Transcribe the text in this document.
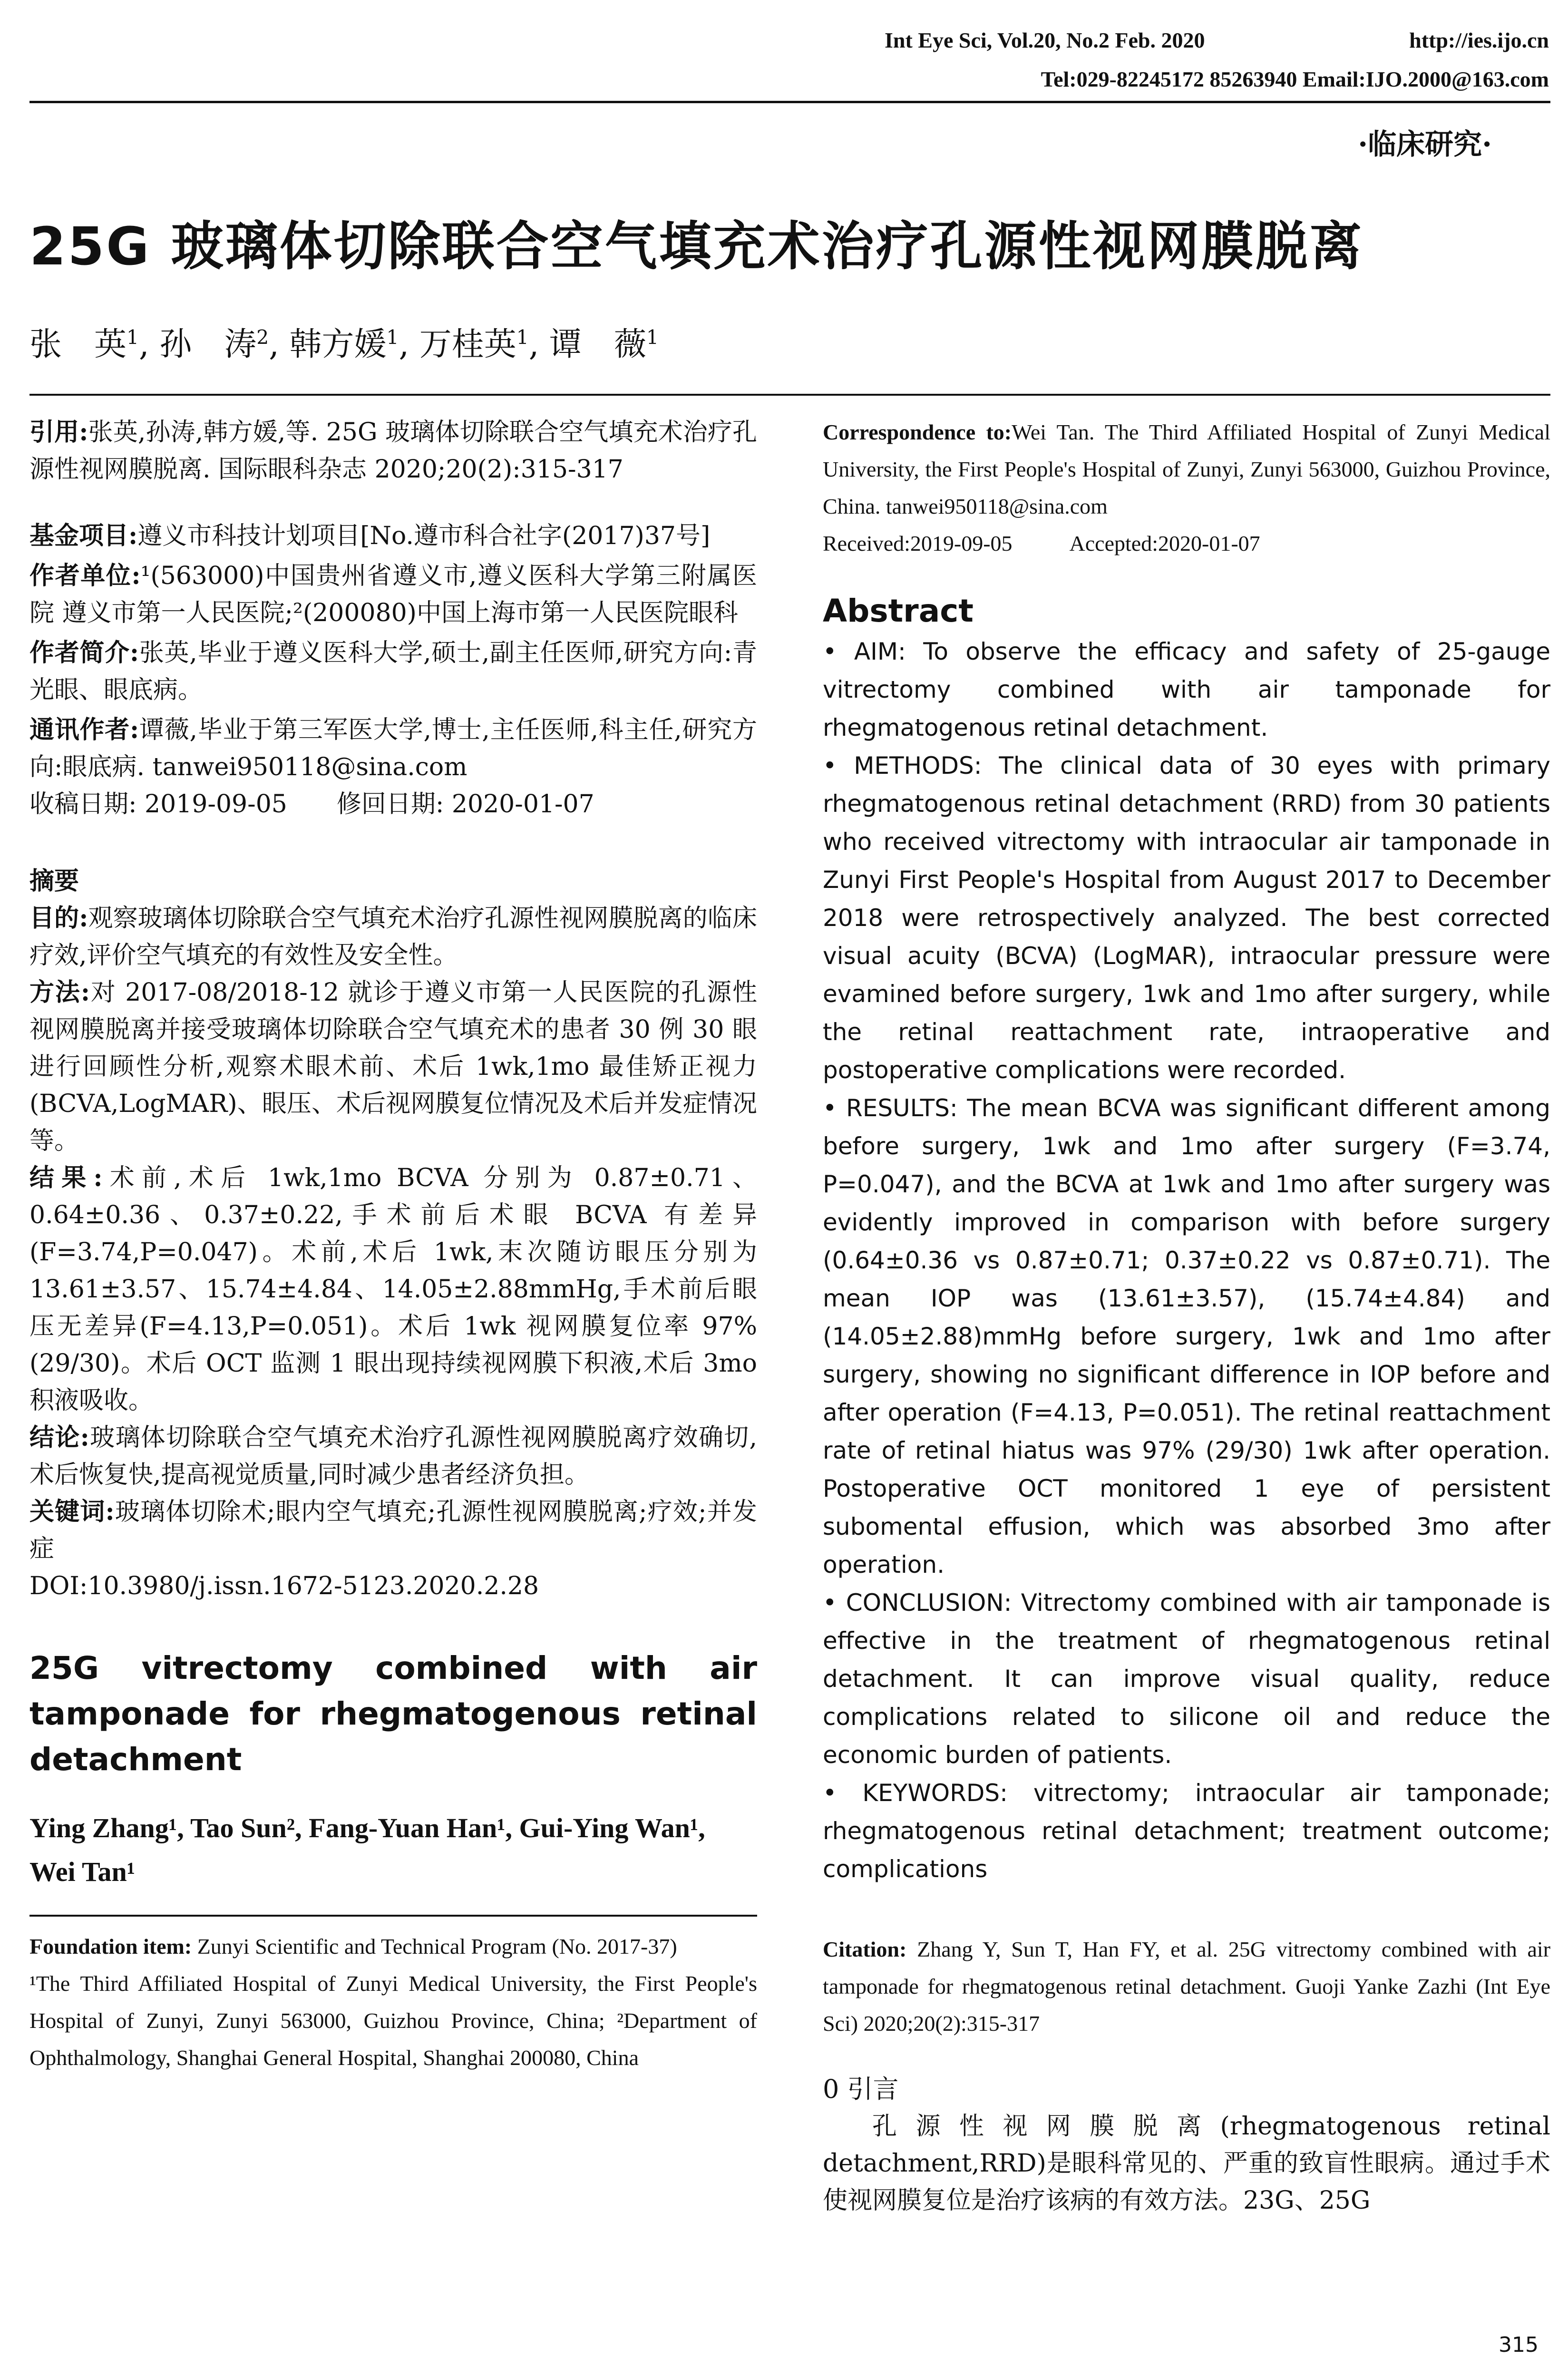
Int Eye Sci, Vol.20, No.2 Feb. 2020	http://ies.ijo.cn
Tel:029-82245172 85263940 Email:IJO.2000@163.com
·临床研究·
25G 玻璃体切除联合空气填充术治疗孔源性视网膜脱离
张　英$^1$, 孙　涛$^2$, 韩方媛$^1$, 万桂英$^1$, 谭　薇$^1$

引用:张英,孙涛,韩方媛,等. 25G 玻璃体切除联合空气填充术治疗孔源性视网膜脱离. 国际眼科杂志 2020;20(2):315-317

基金项目:遵义市科技计划项目[No.遵市科合社字(2017)37号]

作者单位:¹(563000)中国贵州省遵义市,遵义医科大学第三附属医院 遵义市第一人民医院;²(200080)中国上海市第一人民医院眼科

作者简介:张英,毕业于遵义医科大学,硕士,副主任医师,研究方向:青光眼、眼底病。

通讯作者:谭薇,毕业于第三军医大学,博士,主任医师,科主任,研究方向:眼底病. tanwei950118@sina.com

收稿日期: 2019-09-05　　修回日期: 2020-01-07

摘要

目的:观察玻璃体切除联合空气填充术治疗孔源性视网膜脱离的临床疗效,评价空气填充的有效性及安全性。

方法:对 2017-08/2018-12 就诊于遵义市第一人民医院的孔源性视网膜脱离并接受玻璃体切除联合空气填充术的患者 30 例 30 眼进行回顾性分析,观察术眼术前、术后 1wk,1mo 最佳矫正视力(BCVA,LogMAR)、眼压、术后视网膜复位情况及术后并发症情况等。

结果:术前,术后 1wk,1mo BCVA 分别为 0.87±0.71、0.64±0.36、0.37±0.22,手术前后术眼 BCVA 有差异(F=3.74,P=0.047)。术前,术后 1wk,末次随访眼压分别为 13.61±3.57、15.74±4.84、14.05±2.88mmHg,手术前后眼压无差异(F=4.13,P=0.051)。术后 1wk 视网膜复位率 97%(29/30)。术后 OCT 监测 1 眼出现持续视网膜下积液,术后 3mo 积液吸收。

结论:玻璃体切除联合空气填充术治疗孔源性视网膜脱离疗效确切,术后恢复快,提高视觉质量,同时减少患者经济负担。

关键词:玻璃体切除术;眼内空气填充;孔源性视网膜脱离;疗效;并发症

DOI:10.3980/j.issn.1672-5123.2020.2.28

25G vitrectomy combined with air tamponade for rhegmatogenous retinal detachment

Ying Zhang¹, Tao Sun², Fang-Yuan Han¹, Gui-Ying Wan¹, Wei Tan¹

Foundation item: Zunyi Scientific and Technical Program (No. 2017-37)

¹The Third Affiliated Hospital of Zunyi Medical University, the First People's Hospital of Zunyi, Zunyi 563000, Guizhou Province, China; ²Department of Ophthalmology, Shanghai General Hospital, Shanghai 200080, China

Correspondence to:Wei Tan. The Third Affiliated Hospital of Zunyi Medical University, the First People's Hospital of Zunyi, Zunyi 563000, Guizhou Province, China. tanwei950118@sina.com

Received:2019-09-05	Accepted:2020-01-07

Abstract

• AIM: To observe the efficacy and safety of 25-gauge vitrectomy combined with air tamponade for rhegmatogenous retinal detachment.

• METHODS: The clinical data of 30 eyes with primary rhegmatogenous retinal detachment (RRD) from 30 patients who received vitrectomy with intraocular air tamponade in Zunyi First People's Hospital from August 2017 to December 2018 were retrospectively analyzed. The best corrected visual acuity (BCVA) (LogMAR), intraocular pressure were evamined before surgery, 1wk and 1mo after surgery, while the retinal reattachment rate, intraoperative and postoperative complications were recorded.

• RESULTS: The mean BCVA was significant different among before surgery, 1wk and 1mo after surgery (F=3.74, P=0.047), and the BCVA at 1wk and 1mo after surgery was evidently improved in comparison with before surgery (0.64±0.36 vs 0.87±0.71; 0.37±0.22 vs 0.87±0.71). The mean IOP was (13.61±3.57), (15.74±4.84) and (14.05±2.88)mmHg before surgery, 1wk and 1mo after surgery, showing no significant difference in IOP before and after operation (F=4.13, P=0.051). The retinal reattachment rate of retinal hiatus was 97% (29/30) 1wk after operation. Postoperative OCT monitored 1 eye of persistent subomental effusion, which was absorbed 3mo after operation.

• CONCLUSION: Vitrectomy combined with air tamponade is effective in the treatment of rhegmatogenous retinal detachment. It can improve visual quality, reduce complications related to silicone oil and reduce the economic burden of patients.

• KEYWORDS: vitrectomy; intraocular air tamponade; rhegmatogenous retinal detachment; treatment outcome; complications

Citation: Zhang Y, Sun T, Han FY, et al. 25G vitrectomy combined with air tamponade for rhegmatogenous retinal detachment. Guoji Yanke Zazhi (Int Eye Sci) 2020;20(2):315-317

0 引言

孔源性视网膜脱离(rhegmatogenous retinal detachment,RRD)是眼科常见的、严重的致盲性眼病。通过手术使视网膜复位是治疗该病的有效方法。23G、25G

315
